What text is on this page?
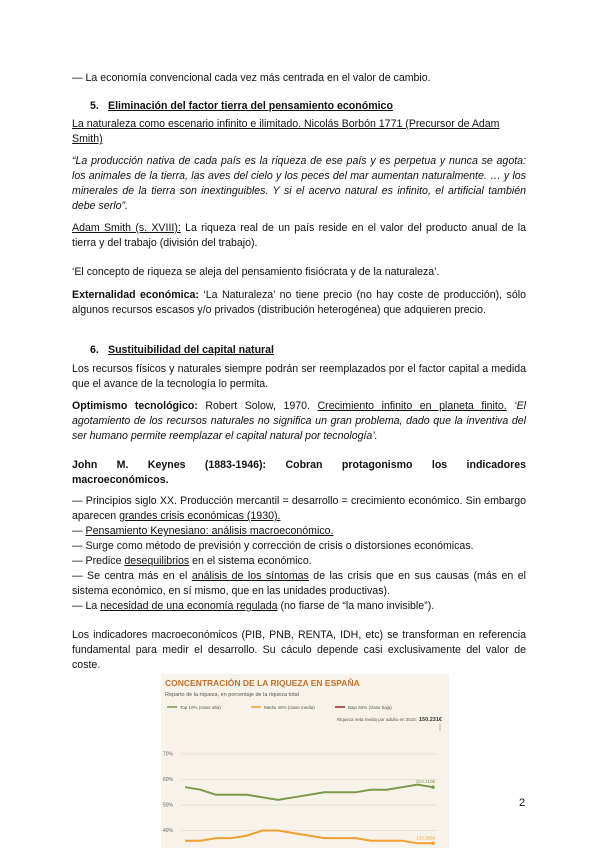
— La economía convencional cada vez más centrada en el valor de cambio.

5. Eliminación del factor tierra del pensamiento económico

La naturaleza como escenario infinito e ilimitado. Nicolás Borbón 1771 (Precursor de Adam Smith)

“La producción nativa de cada país es la riqueza de ese país y es perpetua y nunca se agota: los animales de la tierra, las aves del cielo y los peces del mar aumentan naturalmente. … y los minerales de la tierra son inextinguibles. Y si el acervo natural es infinito, el artificial también debe serlo”.

Adam Smith (s. XVIII): La riqueza real de un país reside en el valor del producto anual de la tierra y del trabajo (división del trabajo).

‘El concepto de riqueza se aleja del pensamiento fisiócrata y de la naturaleza’.

Externalidad económica: ‘La Naturaleza’ no tiene precio (no hay coste de producción), sólo algunos recursos escasos y/o privados (distribución heterogénea) que adquieren precio.

6. Sustituibilidad del capital natural

Los recursos físicos y naturales siempre podrán ser reemplazados por el factor capital a medida que el avance de la tecnología lo permita.

Optimismo tecnológico: Robert Solow, 1970. Crecimiento infinito en planeta finito. ‘El agotamiento de los recursos naturales no significa un gran problema, dado que la inventiva del ser humano permite reemplazar el capital natural por tecnología’.

John M. Keynes (1883-1946): Cobran protagonismo los indicadores macroeconómicos.

— Principios siglo XX. Producción mercantil = desarrollo = crecimiento económico. Sin embargo aparecen grandes crisis económicas (1930).

— Pensamiento Keynesiano: análisis macroeconómico.

— Surge como método de previsión y corrección de crisis o distorsiones económicas.

— Predice desequilibrios en el sistema económico.

— Se centra más en el análisis de los síntomas de las crisis que en sus causas (más en el sistema económico, en sí mismo, que en las unidades productivas).

— La necesidad de una economía regulada (no fiarse de “la mano invisible”).

Los indicadores macroeconómicos (PIB, PNB, RENTA, IDH, etc) se transforman en referencia fundamental para medir el desarrollo. Su cáculo depende casi exclusivamente del valor de coste.

CONCENTRACIÓN DE LA RIQUEZA EN ESPAÑA
Reparto de la riqueza, en porcentaje de la riqueza total
Top 10% (clase alta)	Medio 40% (clase media)	Bajo 50% (clase baja)
Riqueza neta media por adulto en 2015: 150.231€
70%
60%
50%
40%
813.210€
133.356€
2
